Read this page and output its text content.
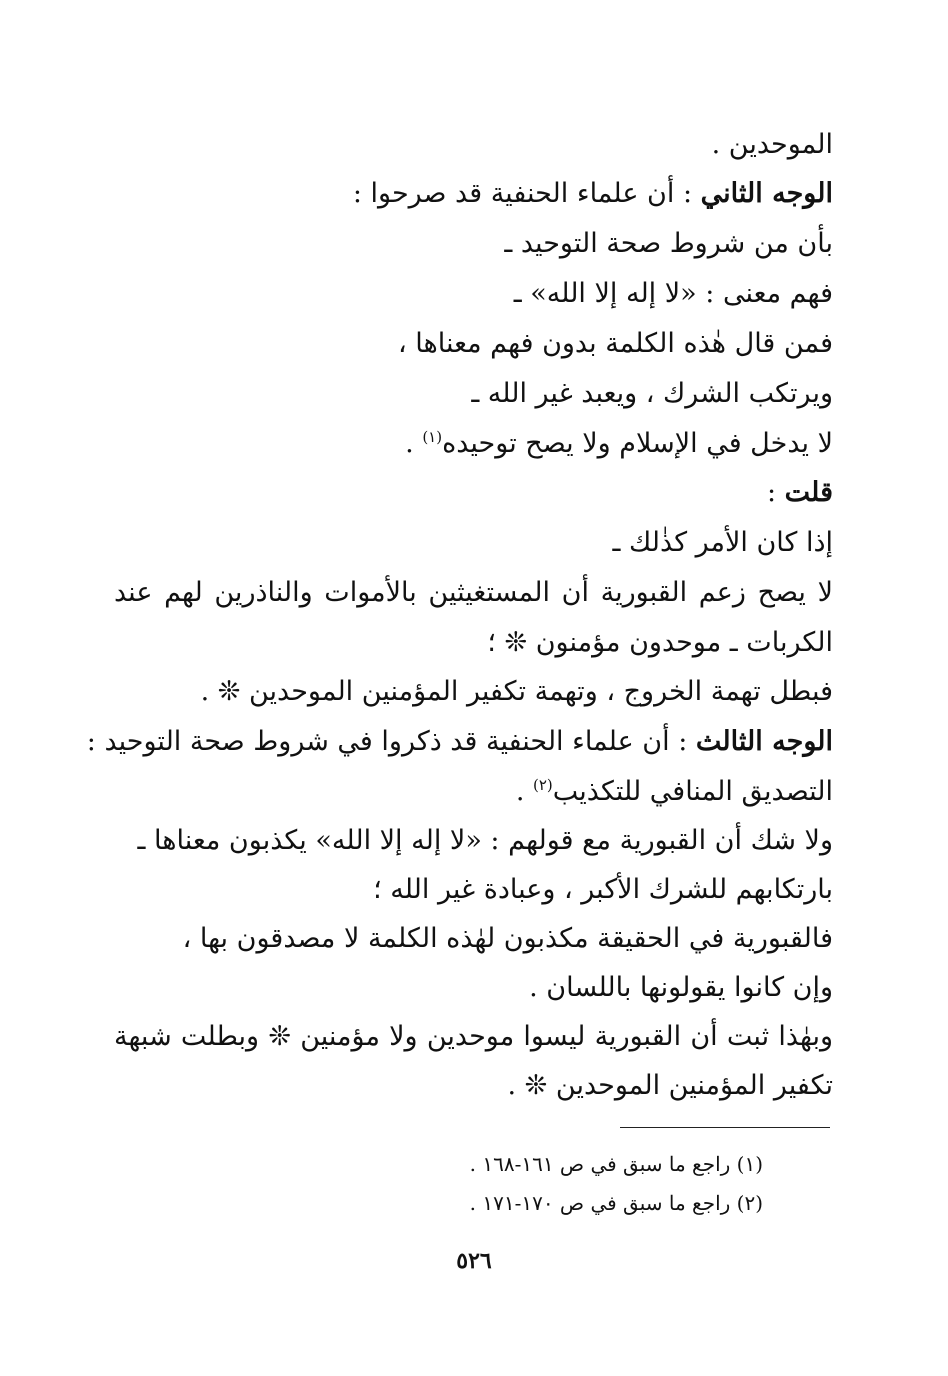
الموحدين .
الوجه الثاني : أن علماء الحنفية قد صرحوا :
بأن من شروط صحة التوحيد ـ
فهم معنى : «لا إله إلا الله» ـ
فمن قال هٰذه الكلمة بدون فهم معناها ،
ويرتكب الشرك ، ويعبد غير الله ـ
لا يدخل في الإسلام ولا يصح توحيده$^{(١)}$ .
قلت :
إذا كان الأمر كذٰلك ـ
لا يصح زعم القبورية أن المستغيثين بالأموات والناذرين لهم عند
الكربات ـ موحدون مؤمنون ❊ ؛
فبطل تهمة الخروج ، وتهمة تكفير المؤمنين الموحدين ❊ .
الوجه الثالث : أن علماء الحنفية قد ذكروا في شروط صحة التوحيد :
التصديق المنافي للتكذيب$^{(٢)}$ .
ولا شك أن القبورية مع قولهم : «لا إله إلا الله» يكذبون معناها ـ
بارتكابهم للشرك الأكبر ، وعبادة غير الله ؛
فالقبورية في الحقيقة مكذبون لهٰذه الكلمة لا مصدقون بها ،
وإن كانوا يقولونها باللسان .
وبهٰذا ثبت أن القبورية ليسوا موحدين ولا مؤمنين ❊ وبطلت شبهة
تكفير المؤمنين الموحدين ❊ .
(١) راجع ما سبق في ص ١٦١-١٦٨ .
(٢) راجع ما سبق في ص ١٧٠-١٧١ .
٥٢٦
